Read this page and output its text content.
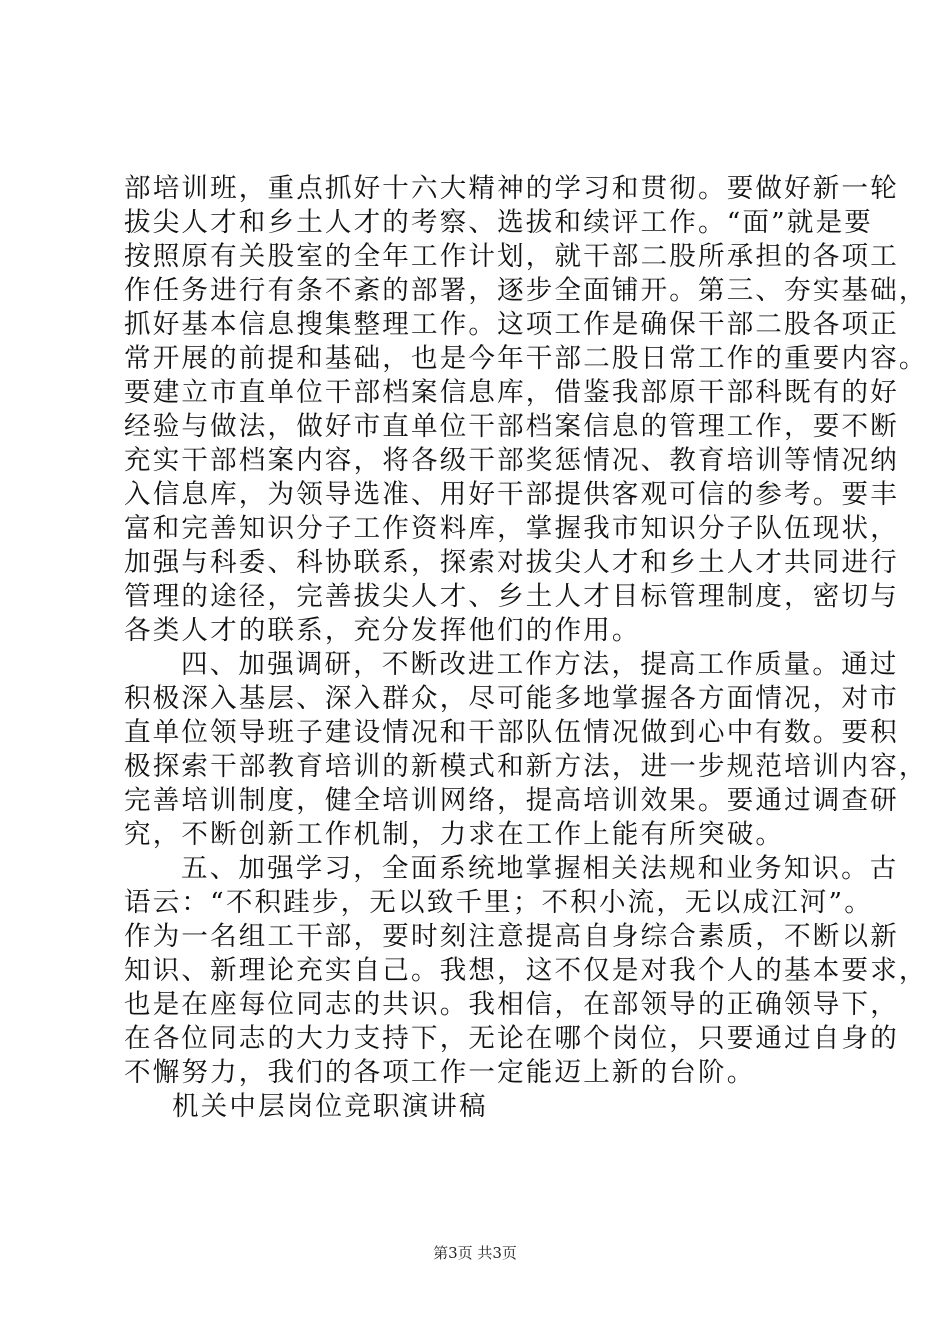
部培训班，重点抓好十六大精神的学习和贯彻。要做好新一轮
拔尖人才和乡土人才的考察、选拔和续评工作。“面”就是要
按照原有关股室的全年工作计划，就干部二股所承担的各项工
作任务进行有条不紊的部署，逐步全面铺开。第三、夯实基础，
抓好基本信息搜集整理工作。这项工作是确保干部二股各项正
常开展的前提和基础，也是今年干部二股日常工作的重要内容。
要建立市直单位干部档案信息库，借鉴我部原干部科既有的好
经验与做法，做好市直单位干部档案信息的管理工作，要不断
充实干部档案内容，将各级干部奖惩情况、教育培训等情况纳
入信息库，为领导选准、用好干部提供客观可信的参考。要丰
富和完善知识分子工作资料库，掌握我市知识分子队伍现状，
加强与科委、科协联系，探索对拔尖人才和乡土人才共同进行
管理的途径，完善拔尖人才、乡土人才目标管理制度，密切与
各类人才的联系，充分发挥他们的作用。
四、加强调研，不断改进工作方法，提高工作质量。通过
积极深入基层、深入群众，尽可能多地掌握各方面情况，对市
直单位领导班子建设情况和干部队伍情况做到心中有数。要积
极探索干部教育培训的新模式和新方法，进一步规范培训内容，
完善培训制度，健全培训网络，提高培训效果。要通过调查研
究，不断创新工作机制，力求在工作上能有所突破。
五、加强学习，全面系统地掌握相关法规和业务知识。古
语云：“不积跬步，无以致千里；不积小流，无以成江河”。
作为一名组工干部，要时刻注意提高自身综合素质，不断以新
知识、新理论充实自己。我想，这不仅是对我个人的基本要求，
也是在座每位同志的共识。我相信，在部领导的正确领导下，
在各位同志的大力支持下，无论在哪个岗位，只要通过自身的
不懈努力，我们的各项工作一定能迈上新的台阶。
机关中层岗位竞职演讲稿
第3页 共3页
